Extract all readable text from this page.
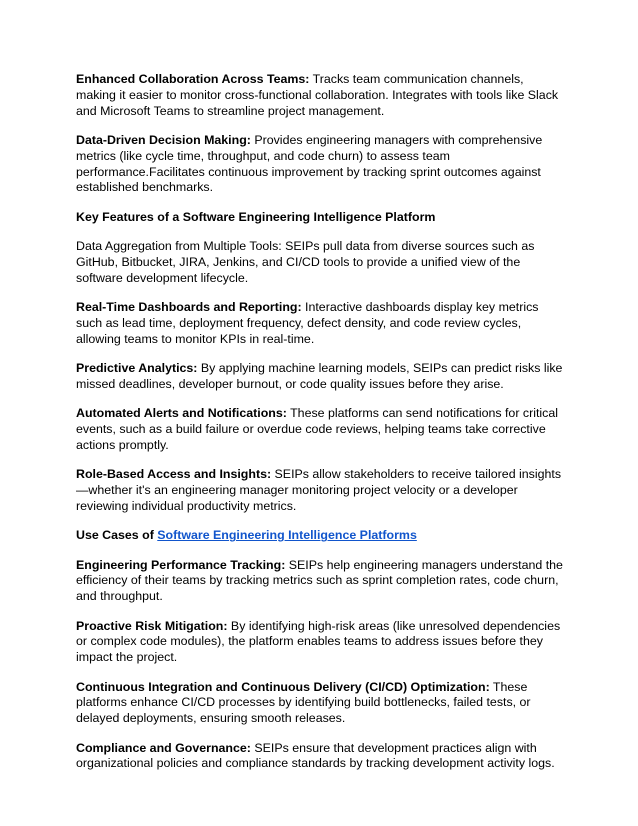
Enhanced Collaboration Across Teams: Tracks team communication channels, making it easier to monitor cross-functional collaboration. Integrates with tools like Slack and Microsoft Teams to streamline project management.

Data-Driven Decision Making: Provides engineering managers with comprehensive metrics (like cycle time, throughput, and code churn) to assess team performance.Facilitates continuous improvement by tracking sprint outcomes against established benchmarks.

Key Features of a Software Engineering Intelligence Platform

Data Aggregation from Multiple Tools: SEIPs pull data from diverse sources such as GitHub, Bitbucket, JIRA, Jenkins, and CI/CD tools to provide a unified view of the software development lifecycle.

Real-Time Dashboards and Reporting: Interactive dashboards display key metrics such as lead time, deployment frequency, defect density, and code review cycles, allowing teams to monitor KPIs in real-time.

Predictive Analytics: By applying machine learning models, SEIPs can predict risks like missed deadlines, developer burnout, or code quality issues before they arise.

Automated Alerts and Notifications: These platforms can send notifications for critical events, such as a build failure or overdue code reviews, helping teams take corrective actions promptly.

Role-Based Access and Insights: SEIPs allow stakeholders to receive tailored insights—whether it's an engineering manager monitoring project velocity or a developer reviewing individual productivity metrics.

Use Cases of Software Engineering Intelligence Platforms

Engineering Performance Tracking: SEIPs help engineering managers understand the efficiency of their teams by tracking metrics such as sprint completion rates, code churn, and throughput.

Proactive Risk Mitigation: By identifying high-risk areas (like unresolved dependencies or complex code modules), the platform enables teams to address issues before they impact the project.

Continuous Integration and Continuous Delivery (CI/CD) Optimization: These platforms enhance CI/CD processes by identifying build bottlenecks, failed tests, or delayed deployments, ensuring smooth releases.

Compliance and Governance: SEIPs ensure that development practices align with organizational policies and compliance standards by tracking development activity logs.
